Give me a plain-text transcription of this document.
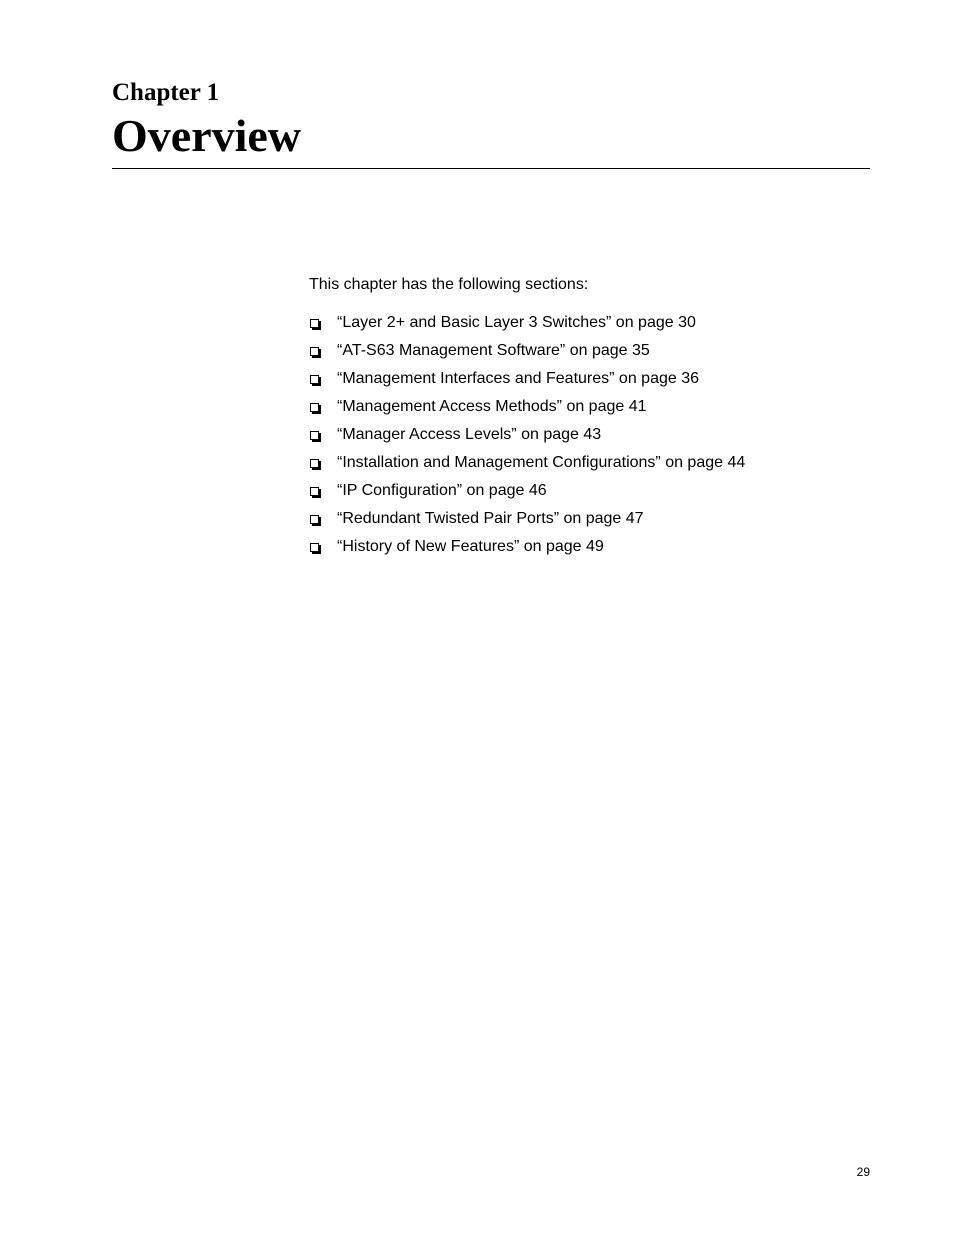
Chapter 1
Overview
This chapter has the following sections:
“Layer 2+ and Basic Layer 3 Switches” on page 30
“AT-S63 Management Software” on page 35
“Management Interfaces and Features” on page 36
“Management Access Methods” on page 41
“Manager Access Levels” on page 43
“Installation and Management Configurations” on page 44
“IP Configuration” on page 46
“Redundant Twisted Pair Ports” on page 47
“History of New Features” on page 49
29
